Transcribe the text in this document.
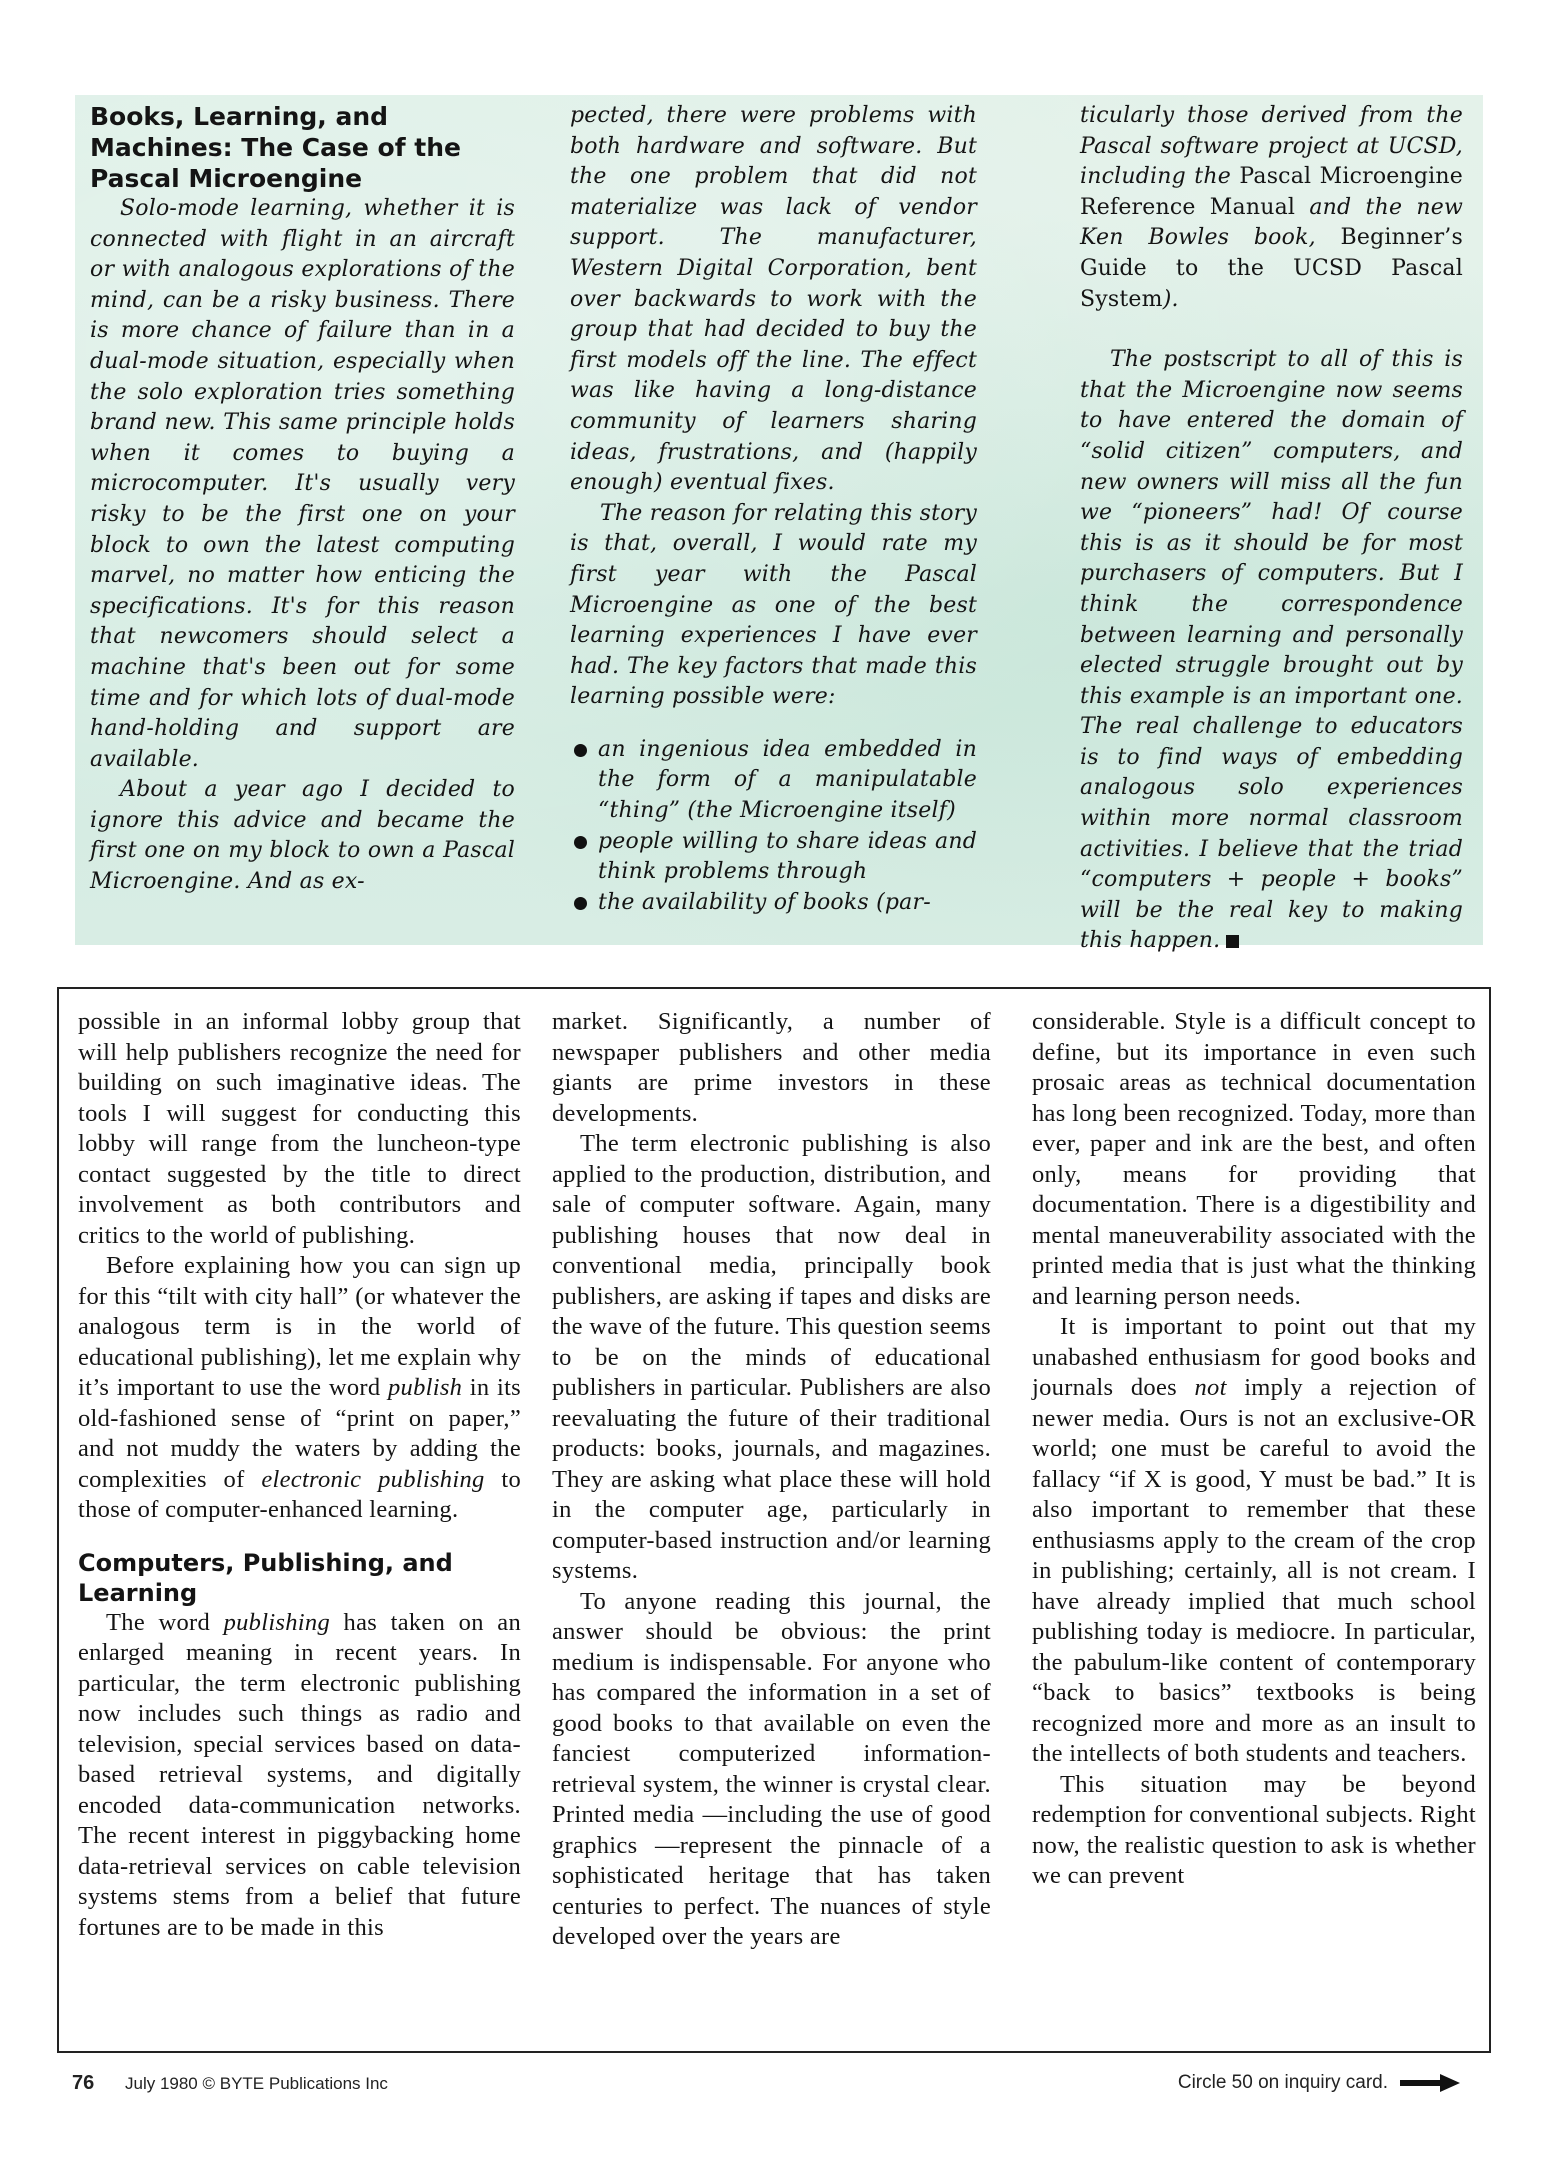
Books, Learning, and Machines: The Case of the Pascal Microengine

Solo-mode learning, whether it is connected with flight in an aircraft or with analogous explorations of the mind, can be a risky business. There is more chance of failure than in a dual-mode situation, especially when the solo exploration tries something brand new. This same principle holds when it comes to buying a microcomputer. It's usually very risky to be the first one on your block to own the latest computing marvel, no matter how enticing the specifications. It's for this reason that newcomers should select a machine that's been out for some time and for which lots of dual-mode hand-holding and support are available.

About a year ago I decided to ignore this advice and became the first one on my block to own a Pascal Microengine. And as ex-

pected, there were problems with both hardware and software. But the one problem that did not materialize was lack of vendor support. The manufacturer, Western Digital Corporation, bent over backwards to work with the group that had decided to buy the first models off the line. The effect was like having a long-distance community of learners sharing ideas, frustrations, and (happily enough) eventual fixes.

The reason for relating this story is that, overall, I would rate my first year with the Pascal Microengine as one of the best learning experiences I have ever had. The key factors that made this learning possible were:

an ingenious idea embedded in the form of a manipulatable “thing” (the Microengine itself)
people willing to share ideas and think problems through
the availability of books (par-

ticularly those derived from the Pascal software project at UCSD, including the Pascal Microengine Reference Manual and the new Ken Bowles book, Beginner’s Guide to the UCSD Pascal System).

The postscript to all of this is that the Microengine now seems to have entered the domain of “solid citizen” computers, and new owners will miss all the fun we “pioneers” had! Of course this is as it should be for most purchasers of computers. But I think the correspondence between learning and personally elected struggle brought out by this example is an important one. The real challenge to educators is to find ways of embedding analogous solo experiences within more normal classroom activities. I believe that the triad “computers + people + books” will be the real key to making this happen.

possible in an informal lobby group that will help publishers recognize the need for building on such imaginative ideas. The tools I will suggest for conducting this lobby will range from the luncheon-type contact suggested by the title to direct involvement as both contributors and critics to the world of publishing.

Before explaining how you can sign up for this “tilt with city hall” (or whatever the analogous term is in the world of educational publishing), let me explain why it’s important to use the word publish in its old-fashioned sense of “print on paper,” and not muddy the waters by adding the complexities of electronic publishing to those of computer-enhanced learning.

Computers, Publishing, and Learning

The word publishing has taken on an enlarged meaning in recent years. In particular, the term electronic publishing now includes such things as radio and television, special services based on data-based retrieval systems, and digitally encoded data-communication networks. The recent interest in piggybacking home data-retrieval services on cable television systems stems from a belief that future fortunes are to be made in this

market. Significantly, a number of newspaper publishers and other media giants are prime investors in these developments.

The term electronic publishing is also applied to the production, distribution, and sale of computer software. Again, many publishing houses that now deal in conventional media, principally book publishers, are asking if tapes and disks are the wave of the future. This question seems to be on the minds of educational publishers in particular. Publishers are also reevaluating the future of their traditional products: books, journals, and magazines. They are asking what place these will hold in the computer age, particularly in computer-based instruction and/or learning systems.

To anyone reading this journal, the answer should be obvious: the print medium is indispensable. For anyone who has compared the information in a set of good books to that available on even the fanciest computerized information-retrieval system, the winner is crystal clear. Printed media —including the use of good graphics —represent the pinnacle of a sophisticated heritage that has taken centuries to perfect. The nuances of style developed over the years are

considerable. Style is a difficult concept to define, but its importance in even such prosaic areas as technical documentation has long been recognized. Today, more than ever, paper and ink are the best, and often only, means for providing that documentation. There is a digestibility and mental maneuverability associated with the printed media that is just what the thinking and learning person needs.

It is important to point out that my unabashed enthusiasm for good books and journals does not imply a rejection of newer media. Ours is not an exclusive-OR world; one must be careful to avoid the fallacy “if X is good, Y must be bad.” It is also important to remember that these enthusiasms apply to the cream of the crop in publishing; certainly, all is not cream. I have already implied that much school publishing today is mediocre. In particular, the pabulum-like content of contemporary “back to basics” textbooks is being recognized more and more as an insult to the intellects of both students and teachers.

This situation may be beyond redemption for conventional subjects. Right now, the realistic question to ask is whether we can prevent

76 July 1980 © BYTE Publications Inc	Circle 50 on inquiry card.
